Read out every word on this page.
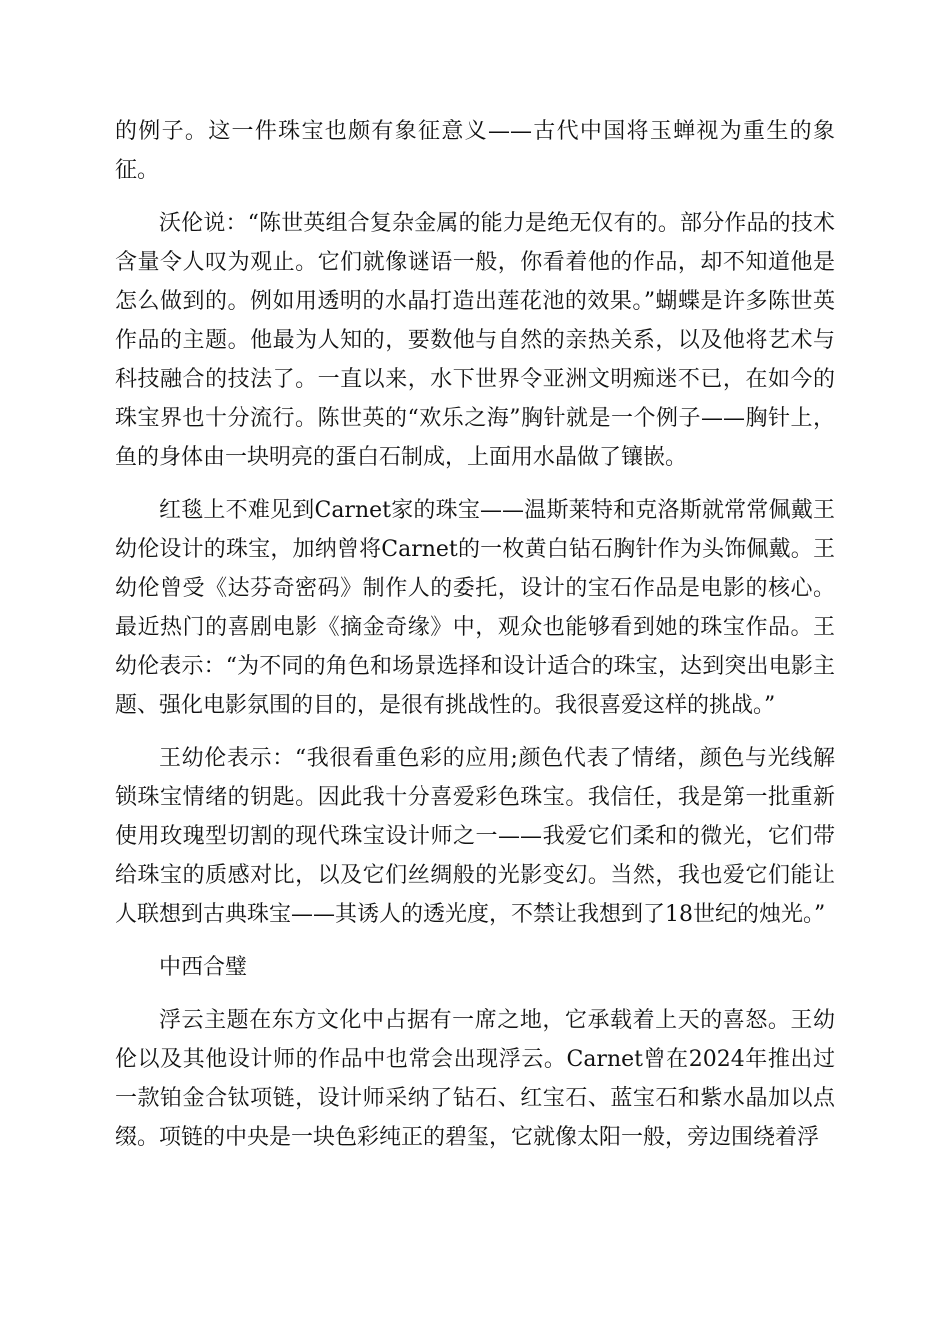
的例子。这一件珠宝也颇有象征意义——古代中国将玉蝉视为重生的象征。

沃伦说：“陈世英组合复杂金属的能力是绝无仅有的。部分作品的技术含量令人叹为观止。它们就像谜语一般，你看着他的作品，却不知道他是怎么做到的。例如用透明的水晶打造出莲花池的效果。”蝴蝶是许多陈世英作品的主题。他最为人知的，要数他与自然的亲热关系，以及他将艺术与科技融合的技法了。一直以来，水下世界令亚洲文明痴迷不已，在如今的珠宝界也十分流行。陈世英的“欢乐之海”胸针就是一个例子——胸针上，鱼的身体由一块明亮的蛋白石制成，上面用水晶做了镶嵌。

红毯上不难见到Carnet家的珠宝——温斯莱特和克洛斯就常常佩戴王幼伦设计的珠宝，加纳曾将Carnet的一枚黄白钻石胸针作为头饰佩戴。王幼伦曾受《达芬奇密码》制作人的委托，设计的宝石作品是电影的核心。最近热门的喜剧电影《摘金奇缘》中，观众也能够看到她的珠宝作品。王幼伦表示：“为不同的角色和场景选择和设计适合的珠宝，达到突出电影主题、强化电影氛围的目的，是很有挑战性的。我很喜爱这样的挑战。”

王幼伦表示：“我很看重色彩的应用;颜色代表了情绪，颜色与光线解锁珠宝情绪的钥匙。因此我十分喜爱彩色珠宝。我信任，我是第一批重新使用玫瑰型切割的现代珠宝设计师之一——我爱它们柔和的微光，它们带给珠宝的质感对比，以及它们丝绸般的光影变幻。当然，我也爱它们能让人联想到古典珠宝——其诱人的透光度，不禁让我想到了18世纪的烛光。”

中西合璧

浮云主题在东方文化中占据有一席之地，它承载着上天的喜怒。王幼伦以及其他设计师的作品中也常会出现浮云。Carnet曾在2024年推出过一款铂金合钛项链，设计师采纳了钻石、红宝石、蓝宝石和紫水晶加以点缀。项链的中央是一块色彩纯正的碧玺，它就像太阳一般，旁边围绕着浮
